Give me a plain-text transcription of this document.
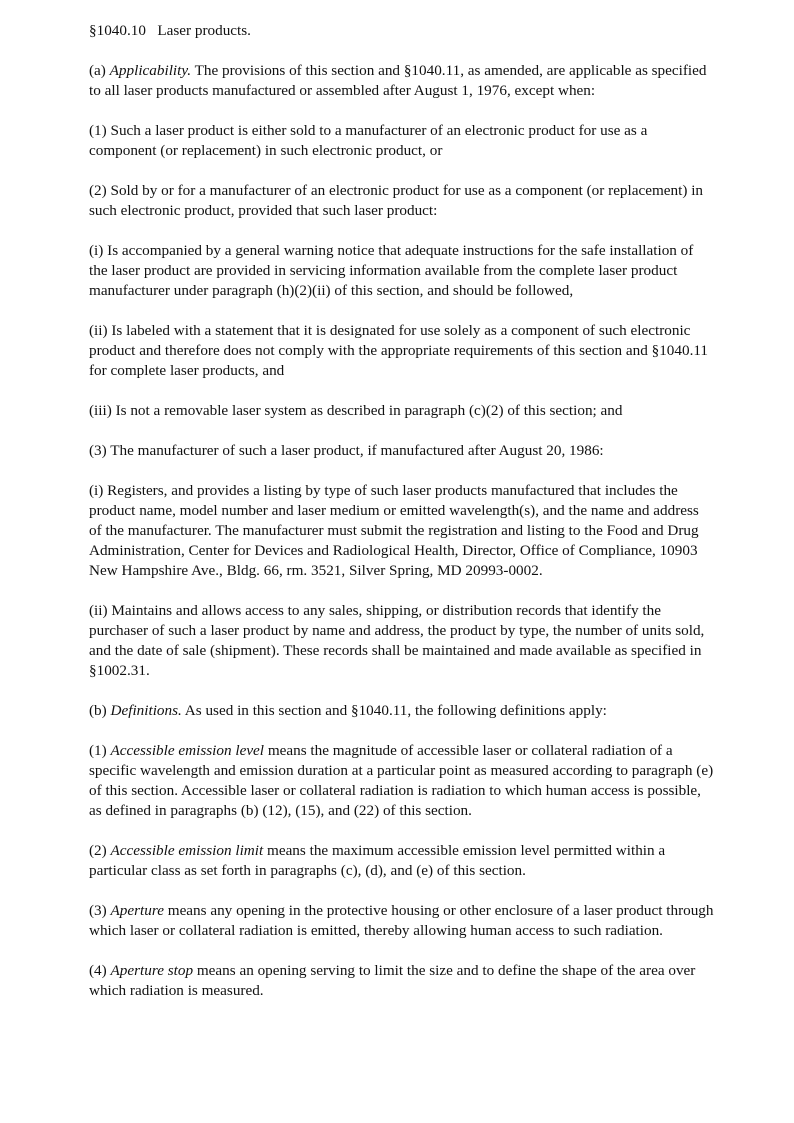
§1040.10 Laser products.

(a) Applicability. The provisions of this section and §1040.11, as amended, are applicable as specified to all laser products manufactured or assembled after August 1, 1976, except when:

(1) Such a laser product is either sold to a manufacturer of an electronic product for use as a component (or replacement) in such electronic product, or

(2) Sold by or for a manufacturer of an electronic product for use as a component (or replacement) in such electronic product, provided that such laser product:

(i) Is accompanied by a general warning notice that adequate instructions for the safe installation of the laser product are provided in servicing information available from the complete laser product manufacturer under paragraph (h)(2)(ii) of this section, and should be followed,

(ii) Is labeled with a statement that it is designated for use solely as a component of such electronic product and therefore does not comply with the appropriate requirements of this section and §1040.11 for complete laser products, and

(iii) Is not a removable laser system as described in paragraph (c)(2) of this section; and

(3) The manufacturer of such a laser product, if manufactured after August 20, 1986:

(i) Registers, and provides a listing by type of such laser products manufactured that includes the product name, model number and laser medium or emitted wavelength(s), and the name and address of the manufacturer. The manufacturer must submit the registration and listing to the Food and Drug Administration, Center for Devices and Radiological Health, Director, Office of Compliance, 10903 New Hampshire Ave., Bldg. 66, rm. 3521, Silver Spring, MD 20993-0002.

(ii) Maintains and allows access to any sales, shipping, or distribution records that identify the purchaser of such a laser product by name and address, the product by type, the number of units sold, and the date of sale (shipment). These records shall be maintained and made available as specified in §1002.31.

(b) Definitions. As used in this section and §1040.11, the following definitions apply:

(1) Accessible emission level means the magnitude of accessible laser or collateral radiation of a specific wavelength and emission duration at a particular point as measured according to paragraph (e) of this section. Accessible laser or collateral radiation is radiation to which human access is possible, as defined in paragraphs (b) (12), (15), and (22) of this section.

(2) Accessible emission limit means the maximum accessible emission level permitted within a particular class as set forth in paragraphs (c), (d), and (e) of this section.

(3) Aperture means any opening in the protective housing or other enclosure of a laser product through which laser or collateral radiation is emitted, thereby allowing human access to such radiation.

(4) Aperture stop means an opening serving to limit the size and to define the shape of the area over which radiation is measured.
